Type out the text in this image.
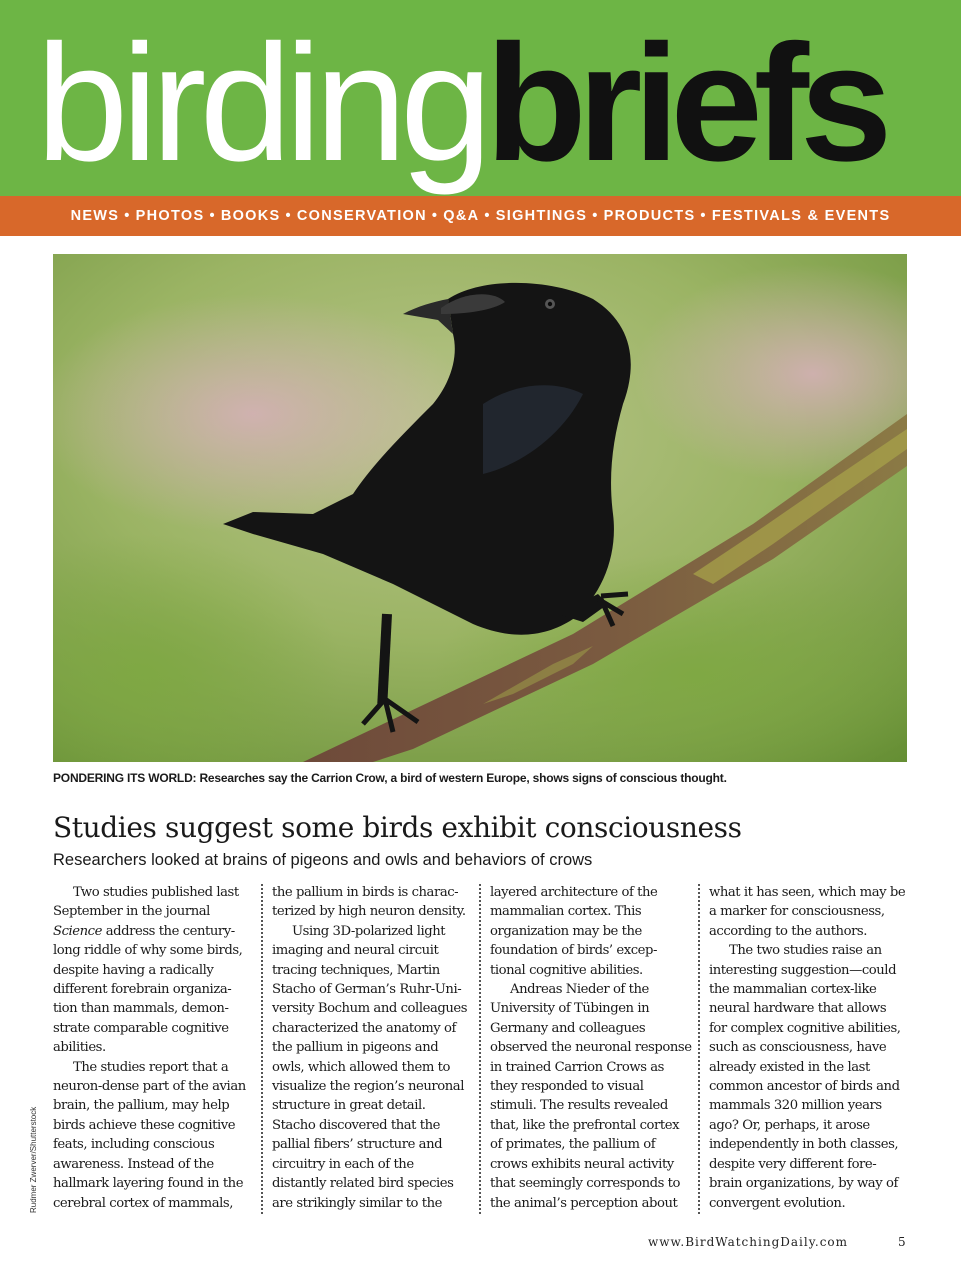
birdingbriefs
NEWS • PHOTOS • BOOKS • CONSERVATION • Q&A • SIGHTINGS • PRODUCTS • FESTIVALS & EVENTS
Rudmer Zwerver/Shutterstock
PONDERING ITS WORLD: Researches say the Carrion Crow, a bird of western Europe, shows signs of conscious thought.
Studies suggest some birds exhibit consciousness
Researchers looked at brains of pigeons and owls and behaviors of crows

Two studies published last

September in the journal

Science address the century-

long riddle of why some birds,

despite having a radically

different forebrain organiza-

tion than mammals, demon-

strate comparable cognitive

abilities.

The studies report that a

neuron-dense part of the avian

brain, the pallium, may help

birds achieve these cognitive

feats, including conscious

awareness. Instead of the

hallmark layering found in the

cerebral cortex of mammals,

the pallium in birds is charac-

terized by high neuron density.

Using 3D-polarized light

imaging and neural circuit

tracing techniques, Martin

Stacho of German’s Ruhr-Uni-

versity Bochum and colleagues

characterized the anatomy of

the pallium in pigeons and

owls, which allowed them to

visualize the region’s neuronal

structure in great detail.

Stacho discovered that the

pallial fibers’ structure and

circuitry in each of the

distantly related bird species

are strikingly similar to the

layered architecture of the

mammalian cortex. This

organization may be the

foundation of birds’ excep-

tional cognitive abilities.

Andreas Nieder of the

University of Tübingen in

Germany and colleagues

observed the neuronal response

in trained Carrion Crows as

they responded to visual

stimuli. The results revealed

that, like the prefrontal cortex

of primates, the pallium of

crows exhibits neural activity

that seemingly corresponds to

the animal’s perception about

what it has seen, which may be

a marker for consciousness,

according to the authors.

The two studies raise an

interesting suggestion—could

the mammalian cortex-like

neural hardware that allows

for complex cognitive abilities,

such as consciousness, have

already existed in the last

common ancestor of birds and

mammals 320 million years

ago? Or, perhaps, it arose

independently in both classes,

despite very different fore-

brain organizations, by way of

convergent evolution.

www.BirdWatchingDaily.com	5
